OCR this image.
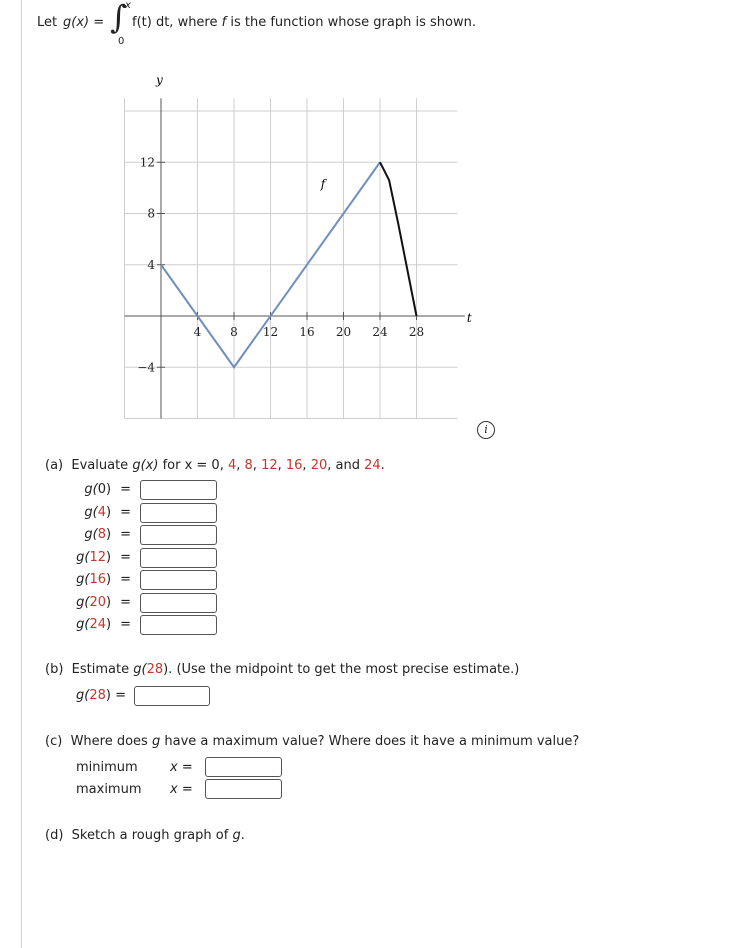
Let g(x) = ∫
x
0
f(t) dt, where f is the function whose graph is shown.
4 8 12 16 20 24 28
12
8
4
−4
y
t
f
i
(a) Evaluate g(x) for x = 0, 4, 8, 12, 16, 20, and 24.
g(0) =
g(4) =
g(8) =
g(12) =
g(16) =
g(20) =
g(24) =
(b) Estimate g(28). (Use the midpoint to get the most precise estimate.)
g(28) =
(c) Where does g have a maximum value? Where does it have a minimum value?
minimum x =
maximum x =
(d) Sketch a rough graph of g.
